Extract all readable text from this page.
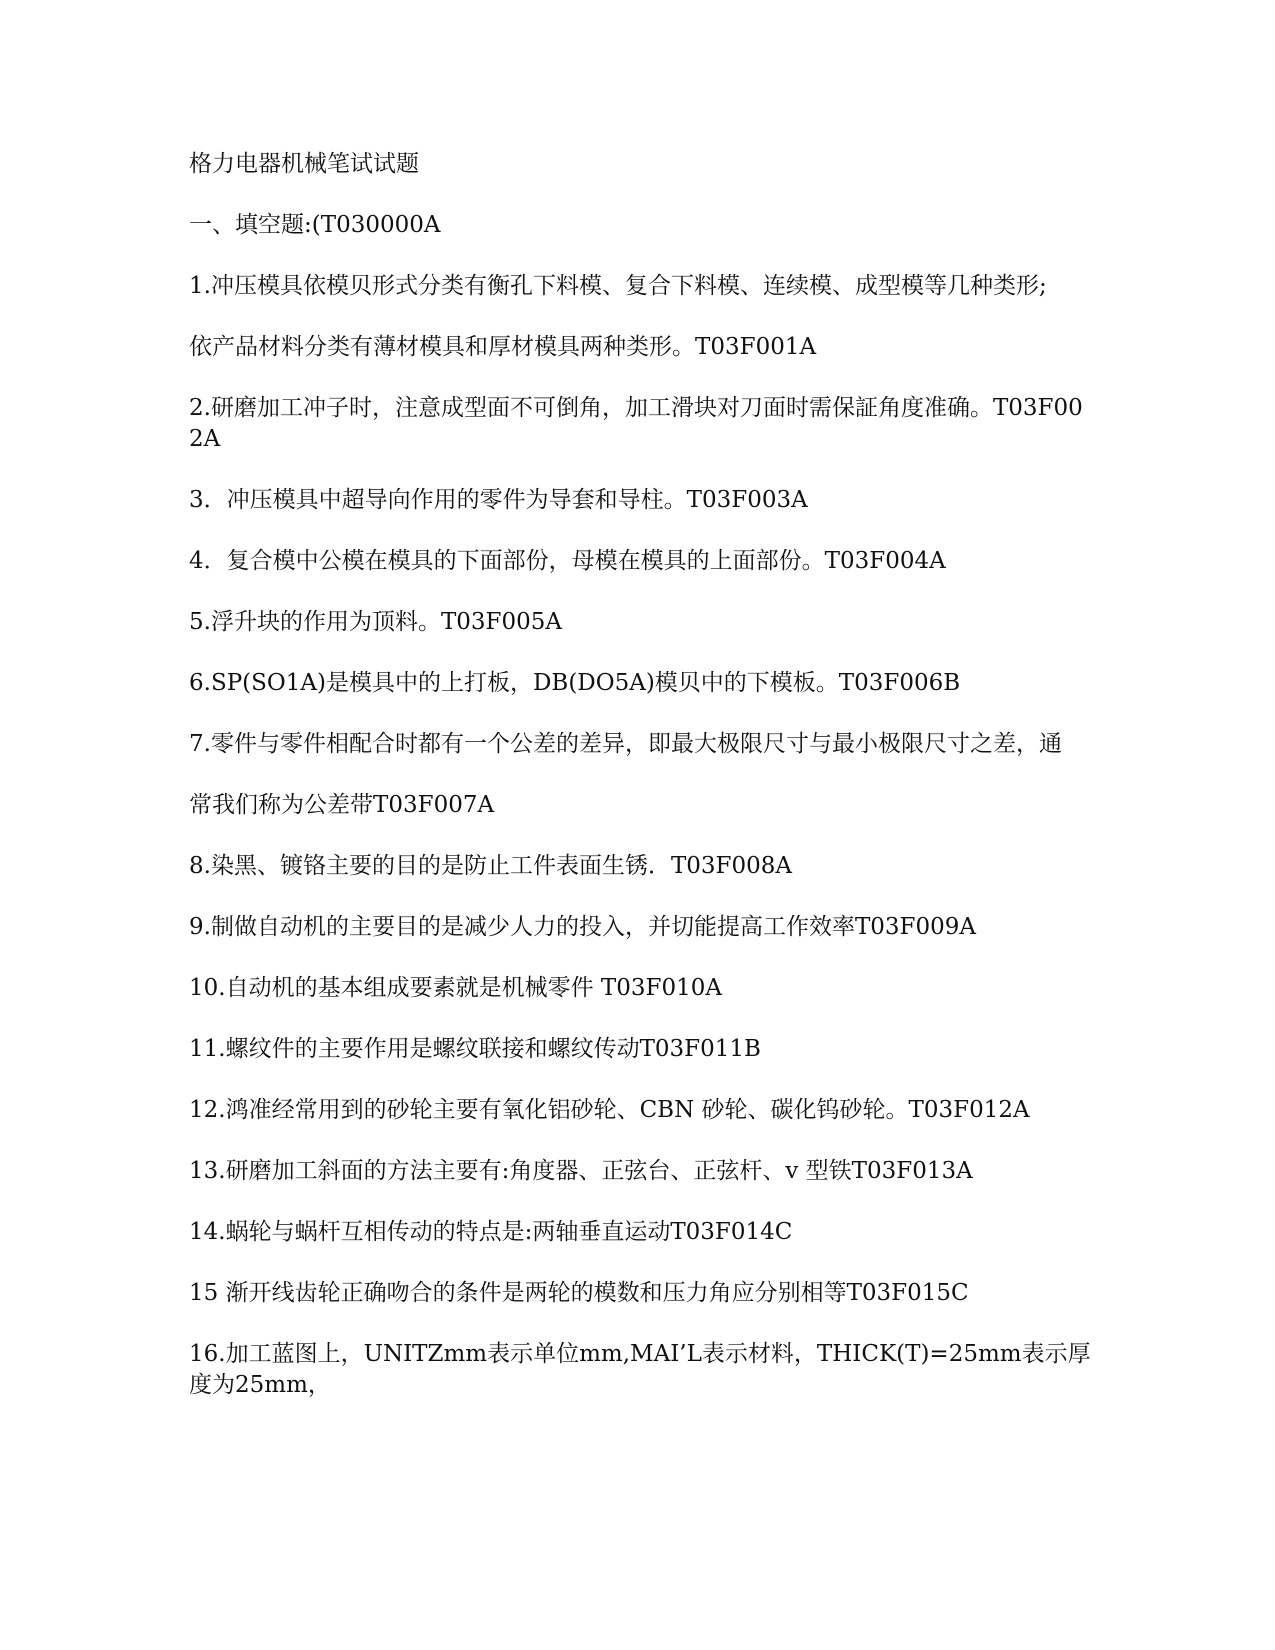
格力电器机械笔试试题

一、填空题:(T030000A

1.冲压模具依模贝形式分类有衡孔下料模、复合下料模、连续模、成型模等几种类形;

依产品材料分类有薄材模具和厚材模具两种类形。T03F001A

2.研磨加工冲子时，注意成型面不可倒角，加工滑块对刀面时需保証角度准确。T03F002A

3．冲压模具中超导向作用的零件为导套和导柱。T03F003A

4．复合模中公模在模具的下面部份，母模在模具的上面部份。T03F004A

5.浮升块的作用为顶料。T03F005A

6.SP(SO1A)是模具中的上打板，DB(DO5A)模贝中的下模板。T03F006B

7.零件与零件相配合时都有一个公差的差异，即最大极限尺寸与最小极限尺寸之差，通

常我们称为公差带T03F007A

8.染黑、镀铬主要的目的是防止工件表面生锈．T03F008A

9.制做自动机的主要目的是减少人力的投入，并切能提高工作效率T03F009A

10.自动机的基本组成要素就是机械零件 T03F010A

11.螺纹件的主要作用是螺纹联接和螺纹传动T03F011B

12.鸿准经常用到的砂轮主要有氧化铝砂轮、CBN 砂轮、碳化钨砂轮。T03F012A

13.研磨加工斜面的方法主要有:角度器、正弦台、正弦杆、v 型铁T03F013A

14.蜗轮与蜗杆互相传动的特点是:两轴垂直运动T03F014C

15 渐开线齿轮正确吻合的条件是两轮的模数和压力角应分别相等T03F015C

16.加工蓝图上，UNITZmm表示单位mm,MAI’L表示材料，THICK(T)=25mm表示厚度为25mm，
